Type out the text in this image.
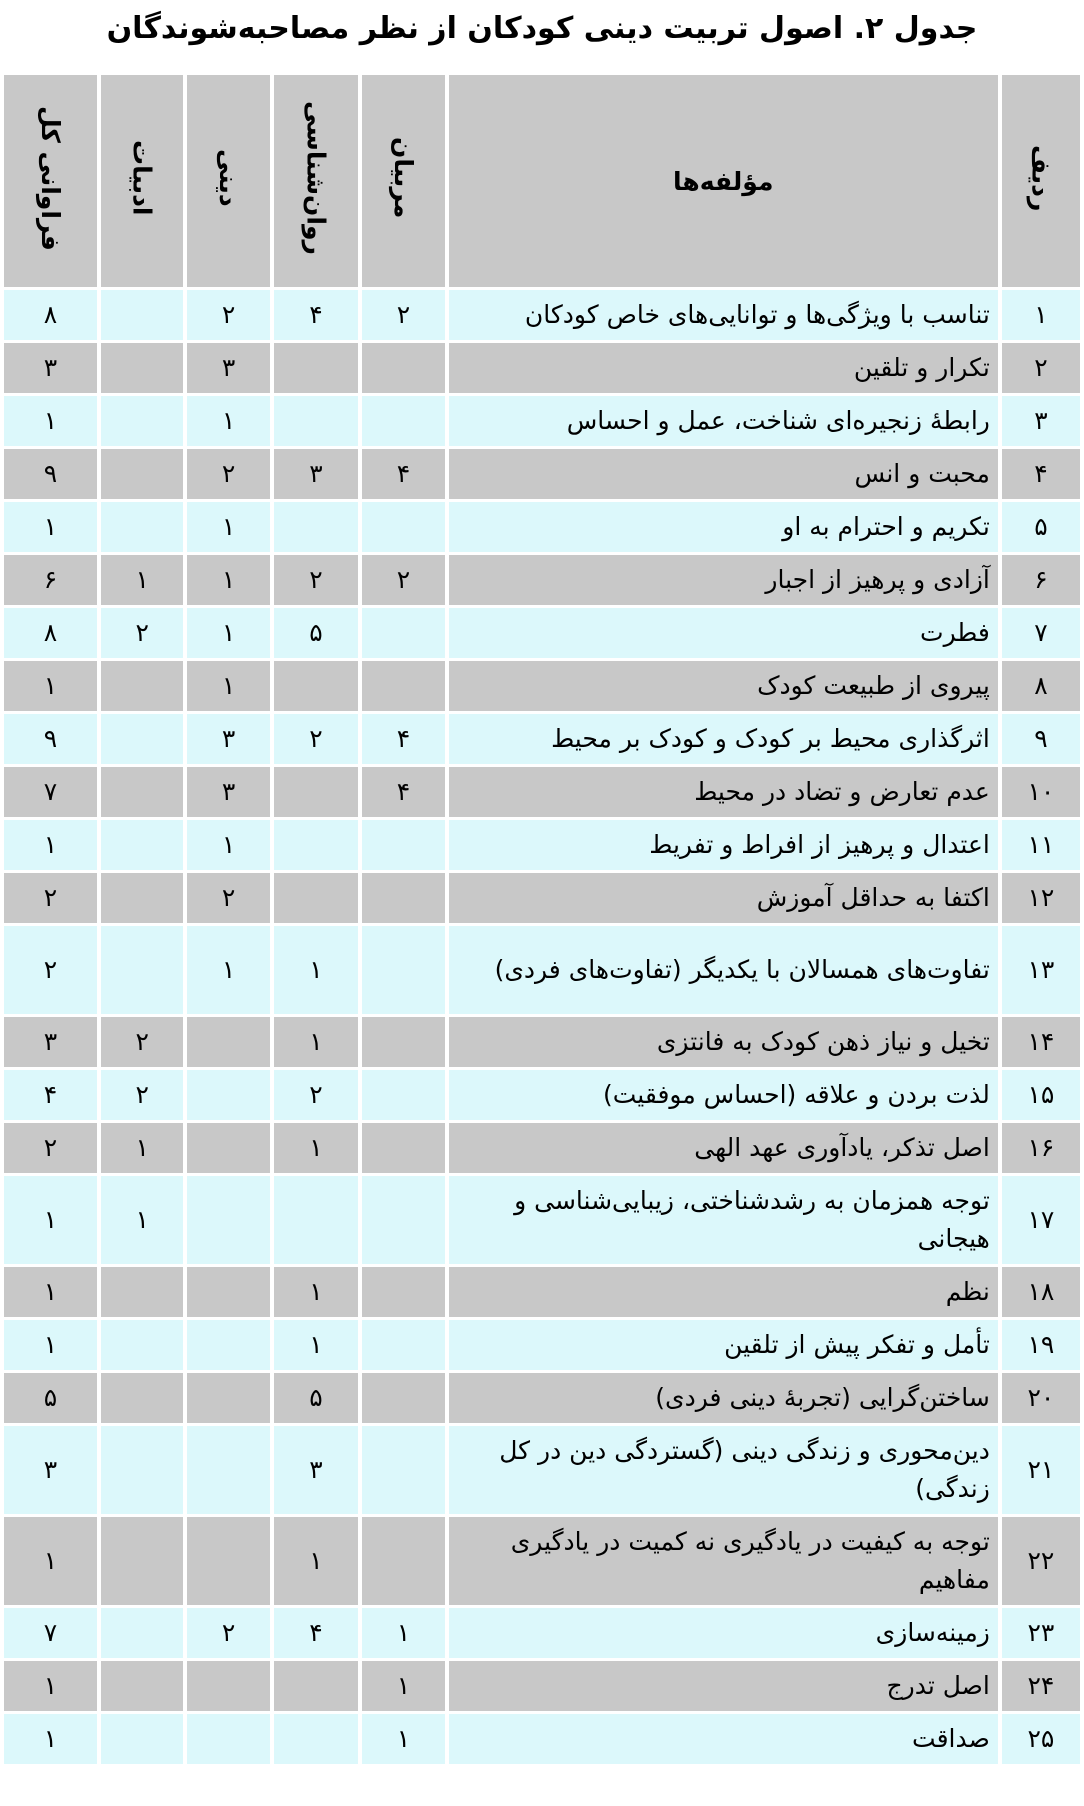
جدول ۲. اصول تربیت دینی کودکان از نظر مصاحبه‌شوندگان
ردیف	مؤلفه‌ها	مربیان	روان‌شناسی	دینی	ادبیات	فراوانی کل
۱	تناسب با ویژگی‌ها و توانایی‌های خاص کودکان	۲	۴	۲		۸
۲	تکرار و تلقین			۳		۳
۳	رابطهٔ زنجیره‌ای شناخت، عمل و احساس			۱		۱
۴	محبت و انس	۴	۳	۲		۹
۵	تکریم و احترام به او			۱		۱
۶	آزادی و پرهیز از اجبار	۲	۲	۱	۱	۶
۷	فطرت		۵	۱	۲	۸
۸	پیروی از طبیعت کودک			۱		۱
۹	اثرگذاری محیط بر کودک و کودک بر محیط	۴	۲	۳		۹
۱۰	عدم تعارض و تضاد در محیط	۴		۳		۷
۱۱	اعتدال و پرهیز از افراط و تفریط			۱		۱
۱۲	اکتفا به حداقل آموزش			۲		۲
۱۳	تفاوت‌های همسالان با یکدیگر (تفاوت‌های فردی)		۱	۱		۲
۱۴	تخیل و نیاز ذهن کودک به فانتزی		۱		۲	۳
۱۵	لذت بردن و علاقه (احساس موفقیت)		۲		۲	۴
۱۶	اصل تذکر، یادآوری عهد الهی		۱		۱	۲
۱۷	توجه همزمان به رشدشناختی، زیبایی‌شناسی و هیجانی				۱	۱
۱۸	نظم		۱			۱
۱۹	تأمل و تفکر پیش از تلقین		۱			۱
۲۰	ساختن‌گرایی (تجربهٔ دینی فردی)		۵			۵
۲۱	دین‌محوری و زندگی دینی (گستردگی دین در کل زندگی)		۳			۳
۲۲	توجه به کیفیت در یادگیری نه کمیت در یادگیری مفاهیم		۱			۱
۲۳	زمینه‌سازی	۱	۴	۲		۷
۲۴	اصل تدرج	۱				۱
۲۵	صداقت	۱				۱
